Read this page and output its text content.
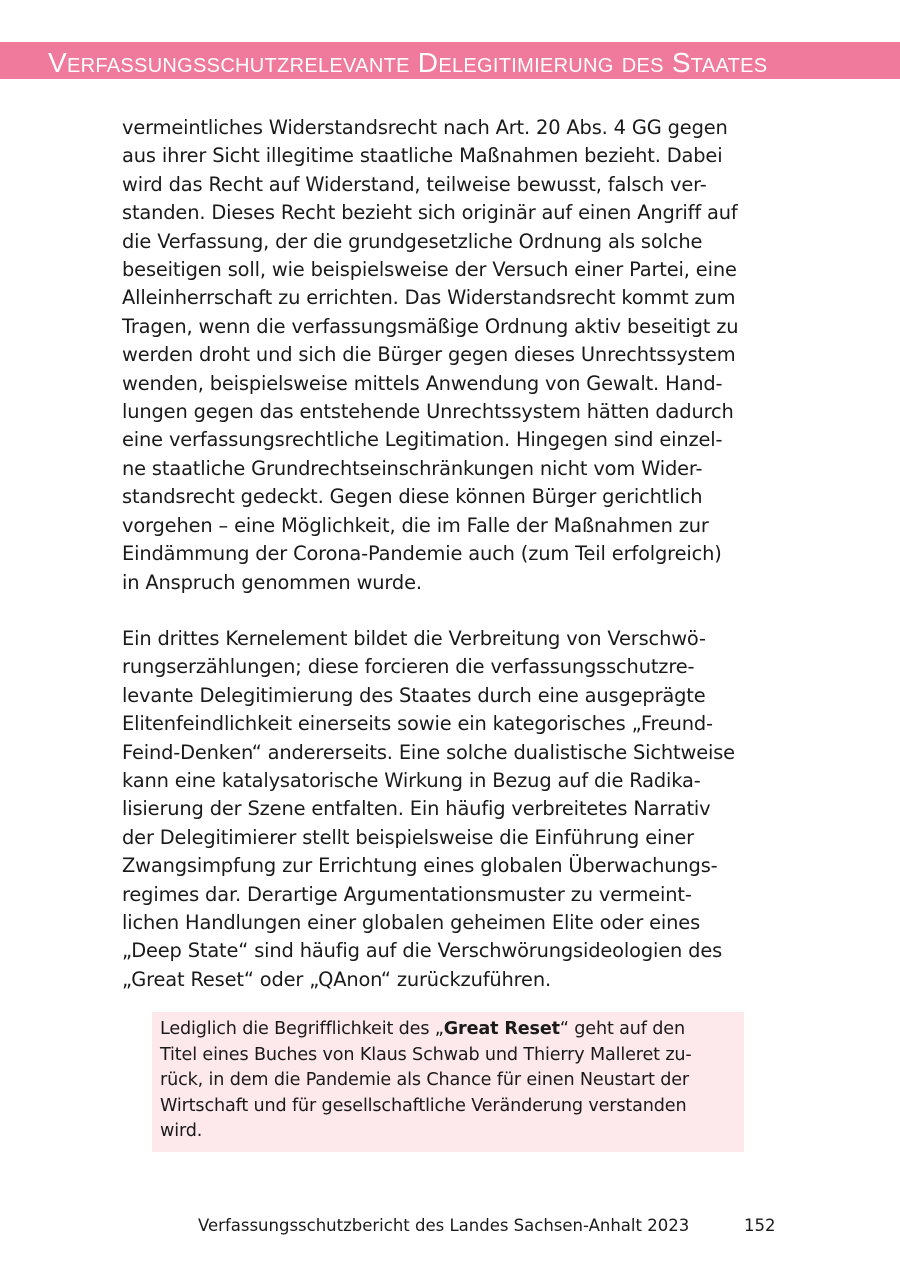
Verfassungsschutzrelevante Delegitimierung des Staates

vermeintliches Widerstandsrecht nach Art. 20 Abs. 4 GG gegen
aus ihrer Sicht illegitime staatliche Maßnahmen bezieht. Dabei
wird das Recht auf Widerstand, teilweise bewusst, falsch ver-
standen. Dieses Recht bezieht sich originär auf einen Angriff auf
die Verfassung, der die grundgesetzliche Ordnung als solche
beseitigen soll, wie beispielsweise der Versuch einer Partei, eine
Alleinherrschaft zu errichten. Das Widerstandsrecht kommt zum
Tragen, wenn die verfassungsmäßige Ordnung aktiv beseitigt zu
werden droht und sich die Bürger gegen dieses Unrechtssystem
wenden, beispielsweise mittels Anwendung von Gewalt. Hand-
lungen gegen das entstehende Unrechtssystem hätten dadurch
eine verfassungsrechtliche Legitimation. Hingegen sind einzel-
ne staatliche Grundrechtseinschränkungen nicht vom Wider-
standsrecht gedeckt. Gegen diese können Bürger gerichtlich
vorgehen – eine Möglichkeit, die im Falle der Maßnahmen zur
Eindämmung der Corona-Pandemie auch (zum Teil erfolgreich)
in Anspruch genommen wurde.

Ein drittes Kernelement bildet die Verbreitung von Verschwö-
rungserzählungen; diese forcieren die verfassungsschutzre-
levante Delegitimierung des Staates durch eine ausgeprägte
Elitenfeindlichkeit einerseits sowie ein kategorisches „Freund-
Feind-Denken“ andererseits. Eine solche dualistische Sichtweise
kann eine katalysatorische Wirkung in Bezug auf die Radika-
lisierung der Szene entfalten. Ein häufig verbreitetes Narrativ
der Delegitimierer stellt beispielsweise die Einführung einer
Zwangsimpfung zur Errichtung eines globalen Überwachungs-
regimes dar. Derartige Argumentationsmuster zu vermeint-
lichen Handlungen einer globalen geheimen Elite oder eines
„Deep State“ sind häufig auf die Verschwörungsideologien des
„Great Reset“ oder „QAnon“ zurückzuführen.

Lediglich die Begrifflichkeit des „Great Reset“ geht auf den
Titel eines Buches von Klaus Schwab und Thierry Malleret zu-
rück, in dem die Pandemie als Chance für einen Neustart der
Wirtschaft und für gesellschaftliche Veränderung verstanden
wird.

Verfassungsschutzbericht des Landes Sachsen-Anhalt 2023	152
